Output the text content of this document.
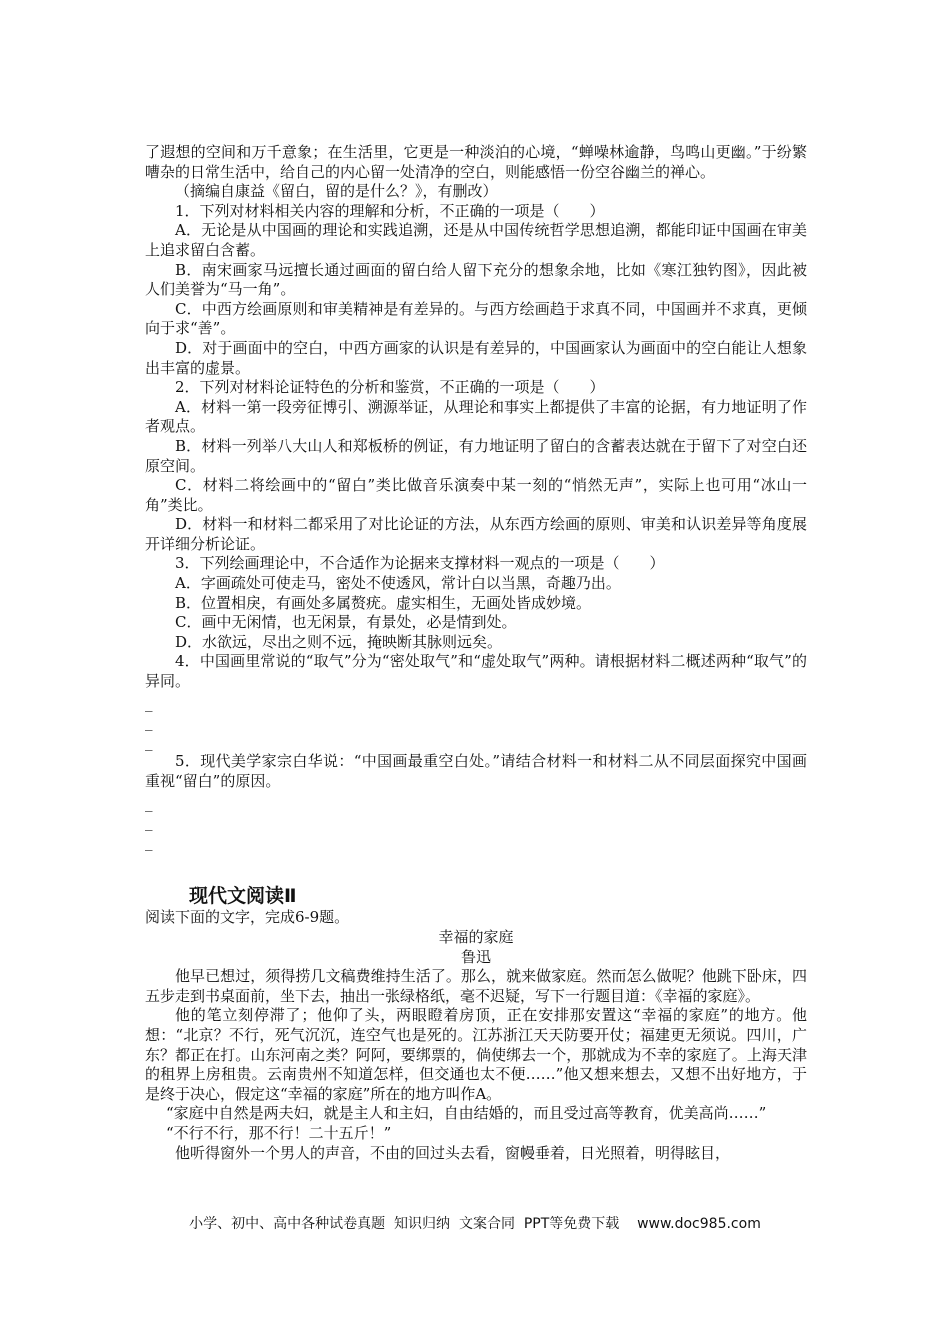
了遐想的空间和万千意象；在生活里，它更是一种淡泊的心境，“蝉噪林逾静，鸟鸣山更幽。”于纷繁嘈杂的日常生活中，给自己的内心留一处清净的空白，则能感悟一份空谷幽兰的禅心。

（摘编自康益《留白，留的是什么？》，有删改）

1．下列对材料相关内容的理解和分析，不正确的一项是（　　）

A．无论是从中国画的理论和实践追溯，还是从中国传统哲学思想追溯，都能印证中国画在审美上追求留白含蓄。

B．南宋画家马远擅长通过画面的留白给人留下充分的想象余地，比如《寒江独钓图》，因此被人们美誉为“马一角”。

C．中西方绘画原则和审美精神是有差异的。与西方绘画趋于求真不同，中国画并不求真，更倾向于求“善”。

D．对于画面中的空白，中西方画家的认识是有差异的，中国画家认为画面中的空白能让人想象出丰富的虚景。

2．下列对材料论证特色的分析和鉴赏，不正确的一项是（　　）

A．材料一第一段旁征博引、溯源举证，从理论和事实上都提供了丰富的论据，有力地证明了作者观点。

B．材料一列举八大山人和郑板桥的例证，有力地证明了留白的含蓄表达就在于留下了对空白还原空间。

C．材料二将绘画中的“留白”类比做音乐演奏中某一刻的“悄然无声”，实际上也可用“冰山一角”类比。

D．材料一和材料二都采用了对比论证的方法，从东西方绘画的原则、审美和认识差异等角度展开详细分析论证。

3．下列绘画理论中，不合适作为论据来支撑材料一观点的一项是（　　）

A．字画疏处可使走马，密处不使透风，常计白以当黑，奇趣乃出。

B．位置相戾，有画处多属赘疣。虚实相生，无画处皆成妙境。

C．画中无闲情，也无闲景，有景处，必是情到处。

D．水欲远，尽出之则不远，掩映断其脉则远矣。

4．中国画里常说的“取气”分为“密处取气”和“虚处取气”两种。请根据材料二概述两种“取气”的异同。

_

_

_

5．现代美学家宗白华说：“中国画最重空白处。”请结合材料一和材料二从不同层面探究中国画重视“留白”的原因。

_

_

_

现代文阅读Ⅱ

阅读下面的文字，完成6-9题。

幸福的家庭

鲁迅

他早已想过，须得捞几文稿费维持生活了。那么，就来做家庭。然而怎么做呢？他跳下卧床，四五步走到书桌面前，坐下去，抽出一张绿格纸，毫不迟疑，写下一行题目道：《幸福的家庭》。

他的笔立刻停滞了；他仰了头，两眼瞪着房顶，正在安排那安置这“幸福的家庭”的地方。他想：“北京？不行，死气沉沉，连空气也是死的。江苏浙江天天防要开仗；福建更无须说。四川，广东？都正在打。山东河南之类？阿阿，要绑票的，倘使绑去一个，那就成为不幸的家庭了。上海天津的租界上房租贵。云南贵州不知道怎样，但交通也太不便……”他又想来想去，又想不出好地方，于是终于决心，假定这“幸福的家庭”所在的地方叫作A。

“家庭中自然是两夫妇，就是主人和主妇，自由结婚的，而且受过高等教育，优美高尚……”

“不行不行，那不行！二十五斤！”

他听得窗外一个男人的声音，不由的回过头去看，窗幔垂着，日光照着，明得眩目，

小学、初中、高中各种试卷真题  知识归纳  文案合同  PPT等免费下载    www.doc985.com
